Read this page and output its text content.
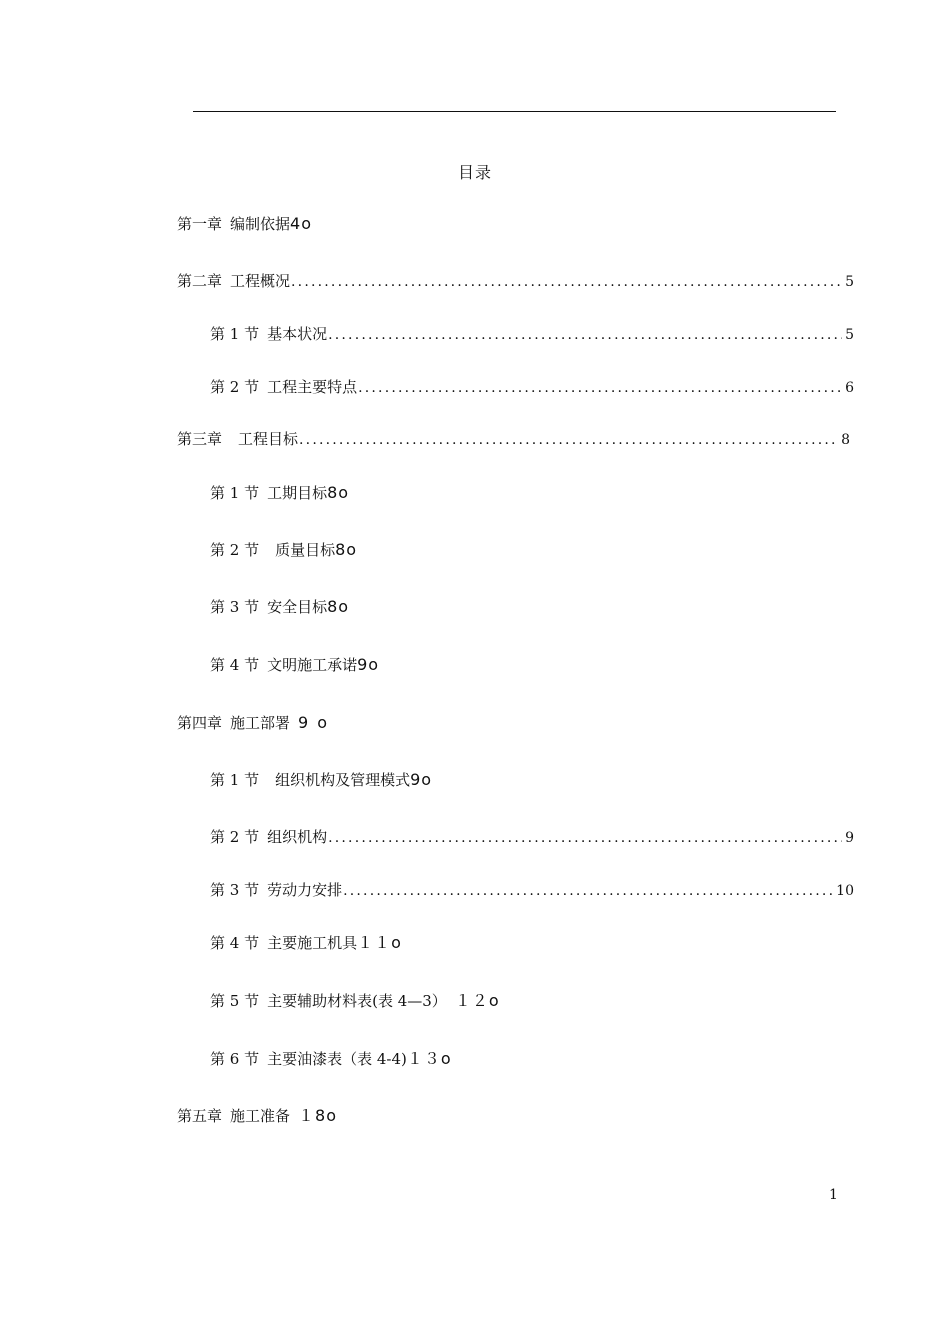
目录
第一章 编制依据4o
第二章 工程概况 .....	5
第 1 节 基本状况 .....	5
第 2 节 工程主要特点 .....	6
第三章 工程目标 .....	8
第 1 节 工期目标8o
第 2 节 质量目标8o
第 3 节 安全目标8o
第 4 节 文明施工承诺9o
第四章 施工部署 9 o
第 1 节 组织机构及管理模式9o
第 2 节 组织机构 .....	9
第 3 节 劳动力安排 .....	10
第 4 节 主要施工机具１１o
第 5 节 主要辅助材料表(表 4—3） １２o
第 6 节 主要油漆表（表 4-4)１３o
第五章 施工准备 １8o
1
